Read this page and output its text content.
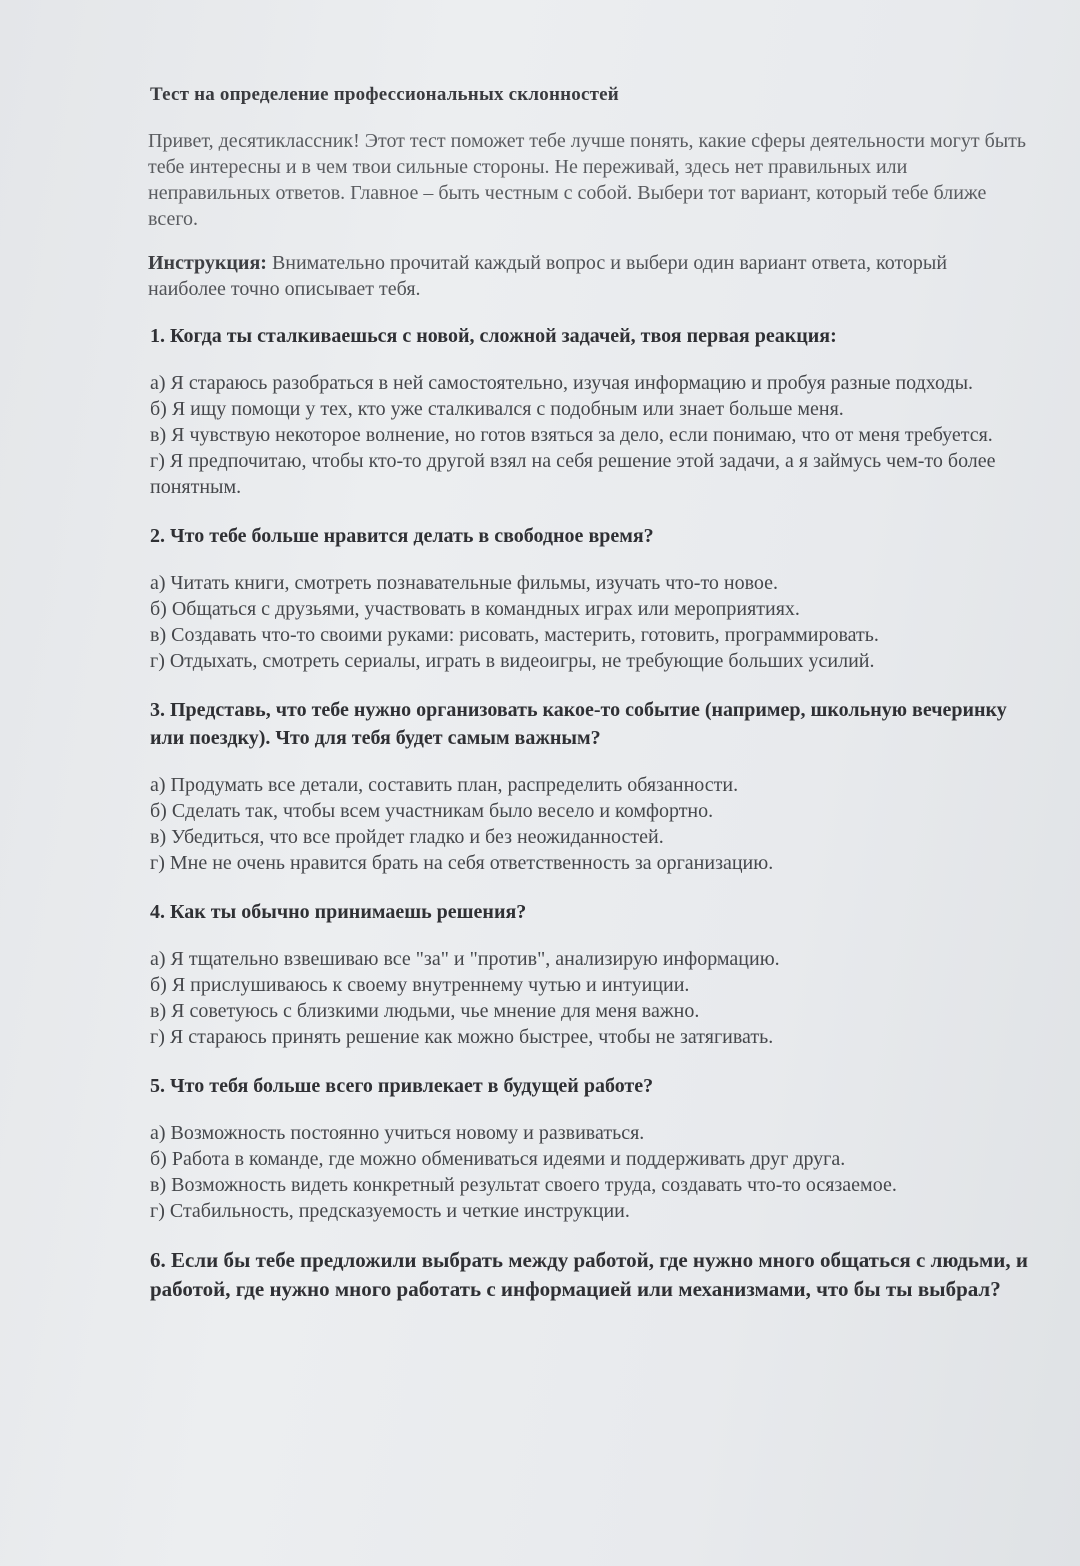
Тест на определение профессиональных склонностей

Привет, десятиклассник! Этот тест поможет тебе лучше понять, какие сферы деятельности могут быть тебе интересны и в чем твои сильные стороны. Не переживай, здесь нет правильных или неправильных ответов. Главное – быть честным с собой. Выбери тот вариант, который тебе ближе всего.

Инструкция: Внимательно прочитай каждый вопрос и выбери один вариант ответа, который наиболее точно описывает тебя.

1. Когда ты сталкиваешься с новой, сложной задачей, твоя первая реакция:
а) Я стараюсь разобраться в ней самостоятельно, изучая информацию и пробуя разные подходы.
б) Я ищу помощи у тех, кто уже сталкивался с подобным или знает больше меня.
в) Я чувствую некоторое волнение, но готов взяться за дело, если понимаю, что от меня требуется.
г) Я предпочитаю, чтобы кто-то другой взял на себя решение этой задачи, а я займусь чем-то более понятным.
2. Что тебе больше нравится делать в свободное время?
а) Читать книги, смотреть познавательные фильмы, изучать что-то новое.
б) Общаться с друзьями, участвовать в командных играх или мероприятиях.
в) Создавать что-то своими руками: рисовать, мастерить, готовить, программировать.
г) Отдыхать, смотреть сериалы, играть в видеоигры, не требующие больших усилий.
3. Представь, что тебе нужно организовать какое-то событие (например, школьную вечеринку или поездку). Что для тебя будет самым важным?
а) Продумать все детали, составить план, распределить обязанности.
б) Сделать так, чтобы всем участникам было весело и комфортно.
в) Убедиться, что все пройдет гладко и без неожиданностей.
г) Мне не очень нравится брать на себя ответственность за организацию.
4. Как ты обычно принимаешь решения?
а) Я тщательно взвешиваю все "за" и "против", анализирую информацию.
б) Я прислушиваюсь к своему внутреннему чутью и интуиции.
в) Я советуюсь с близкими людьми, чье мнение для меня важно.
г) Я стараюсь принять решение как можно быстрее, чтобы не затягивать.
5. Что тебя больше всего привлекает в будущей работе?
а) Возможность постоянно учиться новому и развиваться.
б) Работа в команде, где можно обмениваться идеями и поддерживать друг друга.
в) Возможность видеть конкретный результат своего труда, создавать что-то осязаемое.
г) Стабильность, предсказуемость и четкие инструкции.
6. Если бы тебе предложили выбрать между работой, где нужно много общаться с людьми, и работой, где нужно много работать с информацией или механизмами, что бы ты выбрал?
